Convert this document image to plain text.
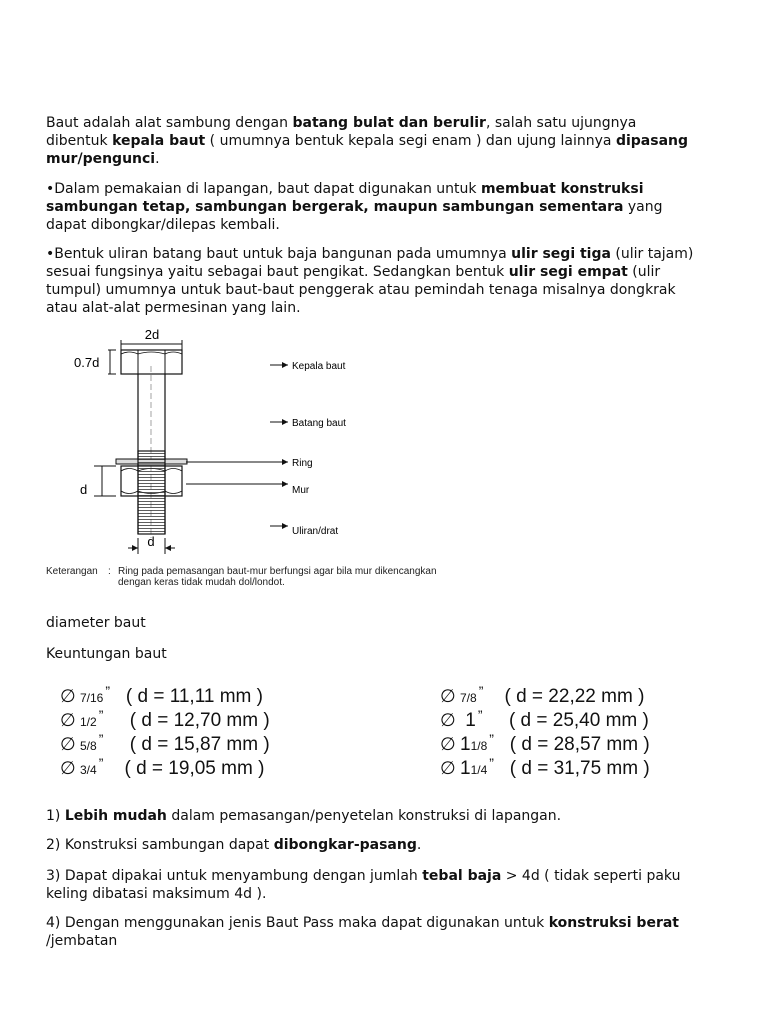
Baut adalah alat sambung dengan batang bulat dan berulir, salah satu ujungnya dibentuk kepala baut ( umumnya bentuk kepala segi enam ) dan ujung lainnya dipasang mur/pengunci.

•Dalam pemakaian di lapangan, baut dapat digunakan untuk membuat konstruksi sambungan tetap, sambungan bergerak, maupun sambungan sementara yang dapat dibongkar/dilepas kembali.

•Bentuk uliran batang baut untuk baja bangunan pada umumnya ulir segi tiga (ulir tajam) sesuai fungsinya yaitu sebagai baut pengikat. Sedangkan bentuk ulir segi empat (ulir tumpul) umumnya untuk baut-baut penggerak atau pemindah tenaga misalnya dongkrak atau alat-alat permesinan yang lain.

2d
0.7d
d
d
Kepala baut
Batang baut
Ring
Mur
Uliran/drat
Keterangan : Ring pada pemasangan baut-mur berfungsi agar bila mur dikencangkan
dengan keras tidak mudah dol/londot.

diameter baut

Keuntungan baut

∅ 7/16 ” ( d = 11,11 mm )
∅ 1/2 ” ( d = 12,70 mm )
∅ 5/8 ” ( d = 15,87 mm )
∅ 3/4 ” ( d = 19,05 mm )
∅ 7/8 ” ( d = 22,22 mm )
∅ 1 ” ( d = 25,40 mm )
∅ 11/8 ” ( d = 28,57 mm )
∅ 11/4 ” ( d = 31,75 mm )

1) Lebih mudah dalam pemasangan/penyetelan konstruksi di lapangan.

2) Konstruksi sambungan dapat dibongkar-pasang.

3) Dapat dipakai untuk menyambung dengan jumlah tebal baja > 4d ( tidak seperti paku keling dibatasi maksimum 4d ).

4) Dengan menggunakan jenis Baut Pass maka dapat digunakan untuk konstruksi berat /jembatan
